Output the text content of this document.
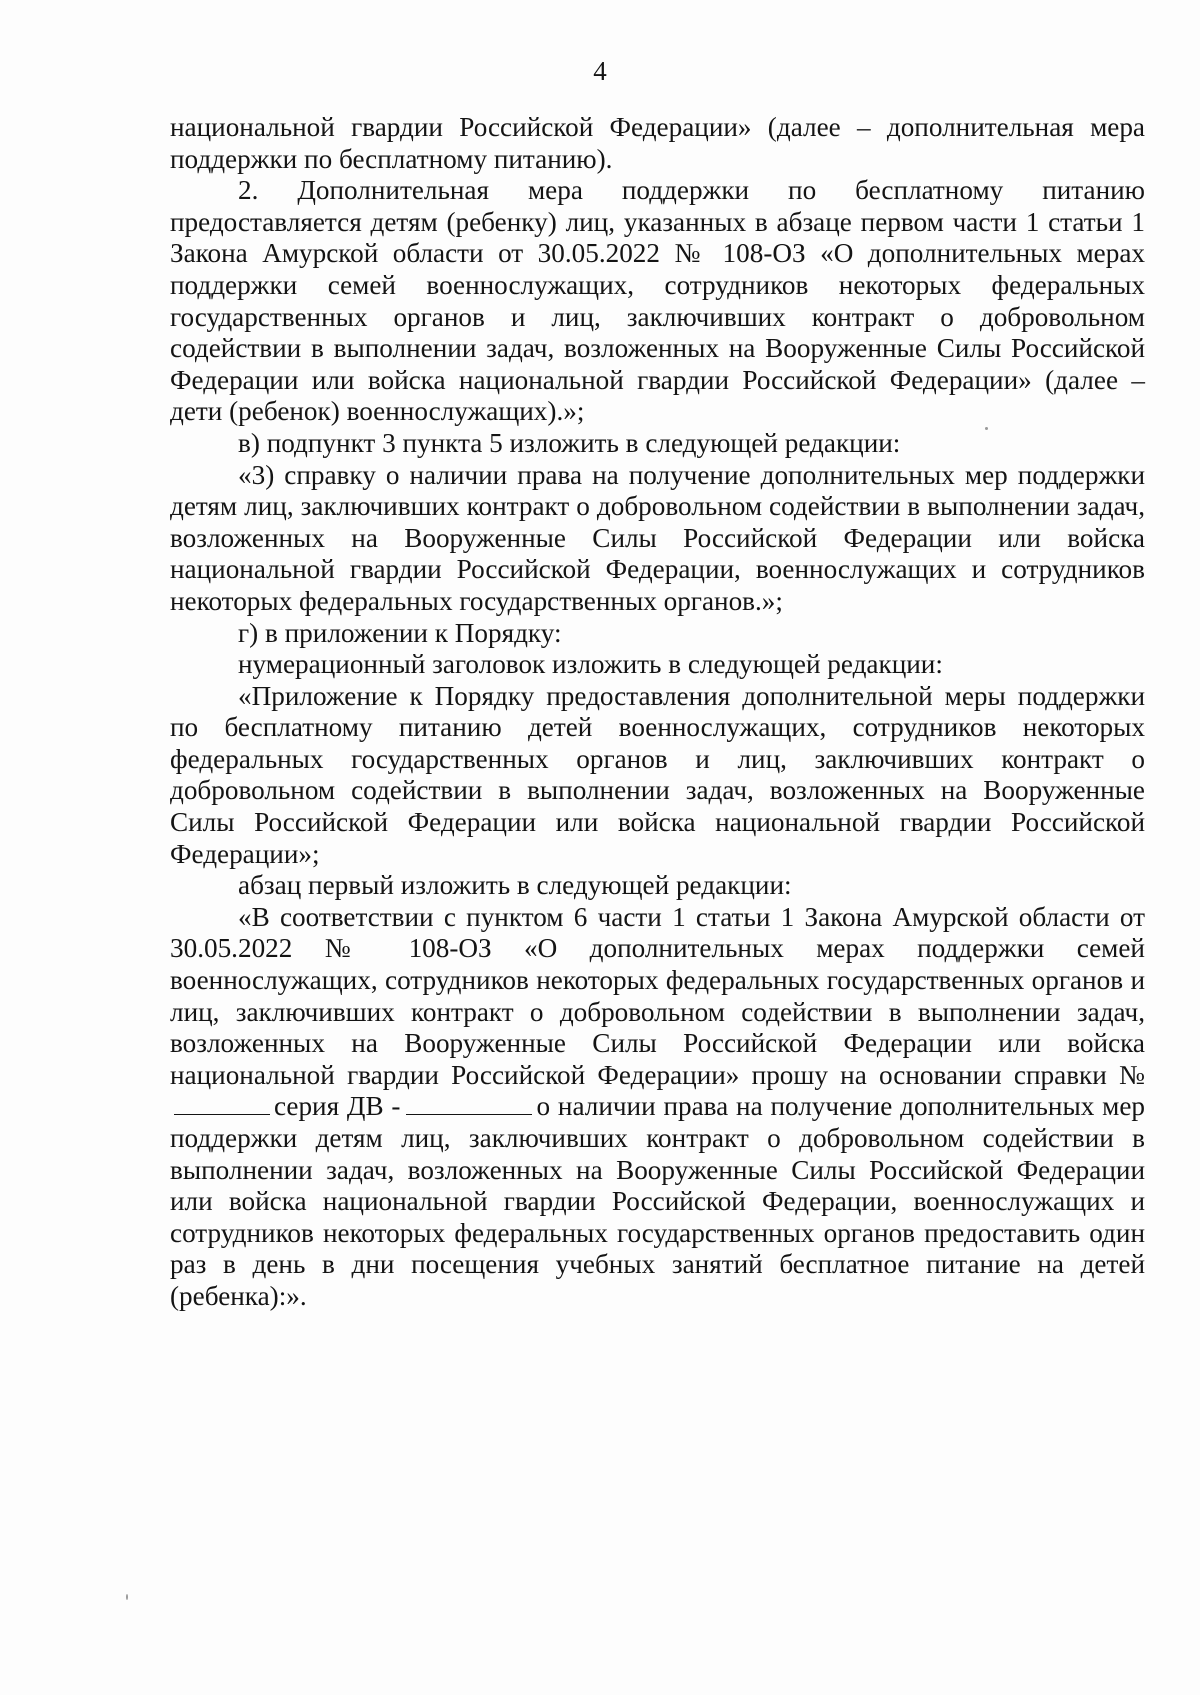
4

национальной гвардии Российской Федерации» (далее – дополнительная мера поддержки по бесплатному питанию).

2. Дополнительная мера поддержки по бесплатному питанию предоставляется детям (ребенку) лиц, указанных в абзаце первом части 1 статьи 1 Закона Амурской области от 30.05.2022 № 108-ОЗ «О дополнительных мерах поддержки семей военнослужащих, сотрудников некоторых федеральных государственных органов и лиц, заключивших контракт о добровольном содействии в выполнении задач, возложенных на Вооруженные Силы Российской Федерации или войска национальной гвардии Российской Федерации» (далее – дети (ребенок) военнослужащих).»;

в) подпункт 3 пункта 5 изложить в следующей редакции:

«3) справку о наличии права на получение дополнительных мер поддержки детям лиц, заключивших контракт о добровольном содействии в выполнении задач, возложенных на Вооруженные Силы Российской Федерации или войска национальной гвардии Российской Федерации, военнослужащих и сотрудников некоторых федеральных государственных органов.»;

г) в приложении к Порядку:

нумерационный заголовок изложить в следующей редакции:

«Приложение к Порядку предоставления дополнительной меры поддержки по бесплатному питанию детей военнослужащих, сотрудников некоторых федеральных государственных органов и лиц, заключивших контракт о добровольном содействии в выполнении задач, возложенных на Вооруженные Силы Российской Федерации или войска национальной гвардии Российской Федерации»;

абзац первый изложить в следующей редакции:

«В соответствии с пунктом 6 части 1 статьи 1 Закона Амурской области от 30.05.2022 № 108-ОЗ «О дополнительных мерах поддержки семей военнослужащих, сотрудников некоторых федеральных государственных органов и лиц, заключивших контракт о добровольном содействии в выполнении задач, возложенных на Вооруженные Силы Российской Федерации или войска национальной гвардии Российской Федерации» прошу на основании справки №серия ДВ -	о наличии права на получение дополнительных мер поддержки детям лиц, заключивших контракт о добровольном содействии в выполнении задач, возложенных на Вооруженные Силы Российской Федерации или войска национальной гвардии Российской Федерации, военнослужащих и сотрудников некоторых федеральных государственных органов предоставить один раз в день в дни посещения учебных занятий бесплатное питание на детей (ребенка):».
